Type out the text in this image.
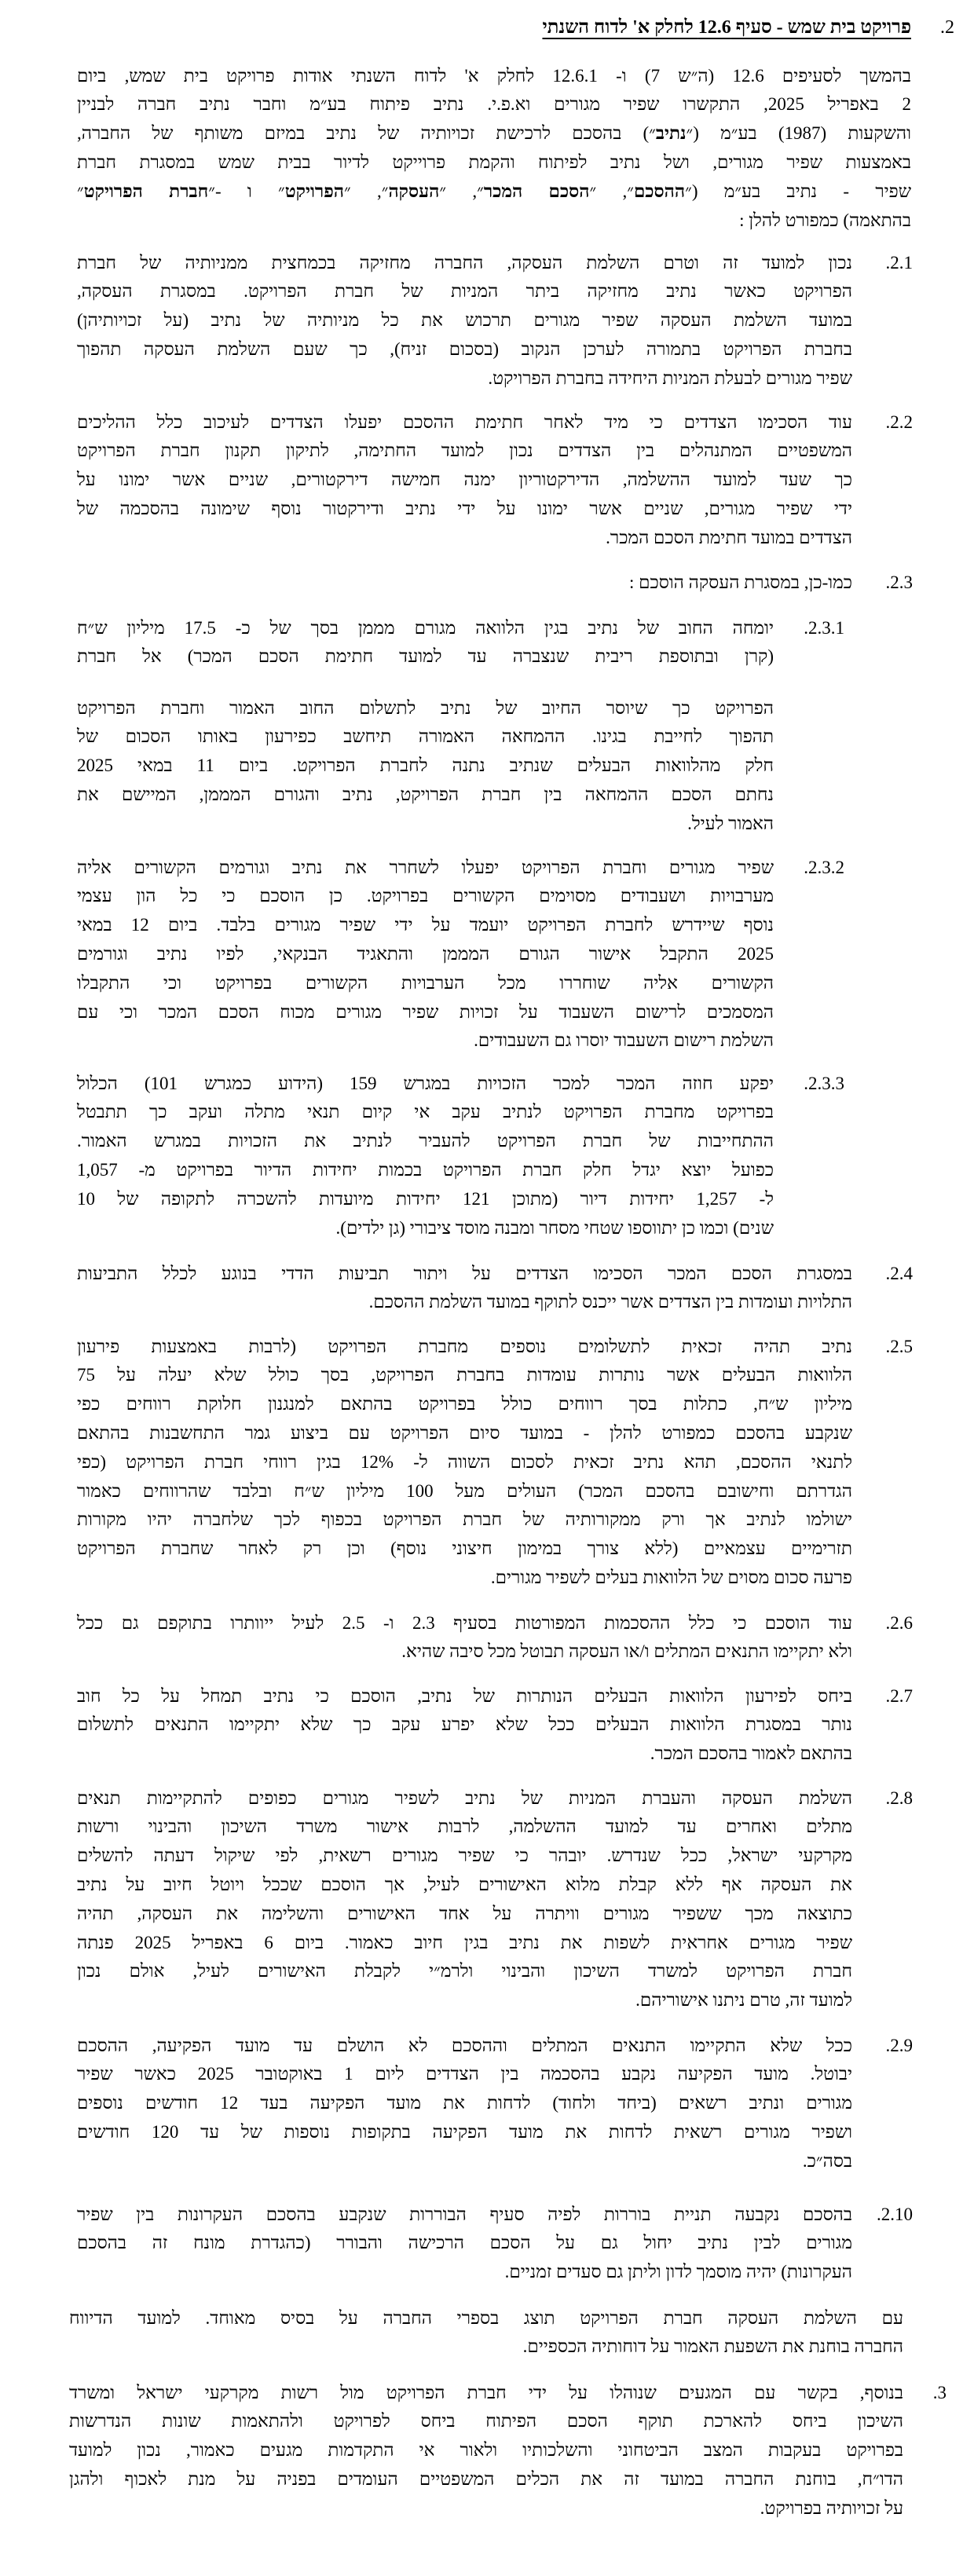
2.
פרויקט בית שמש - סעיף 12.6 לחלק א' לדוח השנתי
בהמשך לסעיפים 12.6 (ה״ש 7) ו- 12.6.1 לחלק א' לדוח השנתי אודות פרויקט בית שמש, ביום
2 באפריל 2025, התקשרו שפיר מגורים וא.פ.י. נתיב פיתוח בע״מ וחבר נתיב חברה לבניין
והשקעות (1987) בע״מ (״נתיב״) בהסכם לרכישת זכויותיה של נתיב במיזם משותף של החברה,
באמצעות שפיר מגורים, ושל נתיב לפיתוח והקמת פרוייקט לדיור בבית שמש במסגרת חברת
שפיר - נתיב בע״מ (״ההסכם״, ״הסכם המכר״, ״העסקה״, ״הפרויקט״ ו -״חברת הפרויקט״
בהתאמה) כמפורט להלן :
נכון למועד זה וטרם השלמת העסקה, החברה מחזיקה בכמחצית ממניותיה של חברת
הפרויקט כאשר נתיב מחזיקה ביתר המניות של חברת הפרויקט. במסגרת העסקה,
במועד השלמת העסקה שפיר מגורים תרכוש את כל מניותיה של נתיב (על זכויותיהן)
בחברת הפרויקט בתמורה לערכן הנקוב (בסכום זניח), כך שעם השלמת העסקה תהפוך
שפיר מגורים לבעלת המניות היחידה בחברת הפרויקט.
עוד הסכימו הצדדים כי מיד לאחר חתימת ההסכם יפעלו הצדדים לעיכוב כלל ההליכים
המשפטיים המתנהלים בין הצדדים נכון למועד החתימה, לתיקון תקנון חברת הפרויקט
כך שעד למועד ההשלמה, הדירקטוריון ימנה חמישה דירקטורים, שניים אשר ימונו על
ידי שפיר מגורים, שניים אשר ימונו על ידי נתיב ודירקטור נוסף שימונה בהסכמה של
הצדדים במועד חתימת הסכם המכר.
כמו-כן, במסגרת העסקה הוסכם :
יומחה החוב של נתיב בגין הלוואה מגורם מממן בסך של כ- 17.5 מיליון ש״ח
(קרן ובתוספת ריבית שנצברה עד למועד חתימת הסכם המכר) אל חברת
הפרויקט כך שיוסר החיוב של נתיב לתשלום החוב האמור וחברת הפרויקט
תהפוך לחייבת בגינו. ההמחאה האמורה תיחשב כפירעון באותו הסכום של
חלק מהלוואות הבעלים שנתיב נתנה לחברת הפרויקט. ביום 11 במאי 2025
נחתם הסכם ההמחאה בין חברת הפרויקט, נתיב והגורם המממן, המיישם את
האמור לעיל.
שפיר מגורים וחברת הפרויקט יפעלו לשחרר את נתיב וגורמים הקשורים אליה
מערבויות ושעבודים מסוימים הקשורים בפרויקט. כן הוסכם כי כל הון עצמי
נוסף שיידרש לחברת הפרויקט יועמד על ידי שפיר מגורים בלבד. ביום 12 במאי
2025 התקבל אישור הגורם המממן והתאגיד הבנקאי, לפיו נתיב וגורמים
הקשורים אליה שוחררו מכל הערבויות הקשורים בפרויקט וכי התקבלו
המסמכים לרישום השעבוד על זכויות שפיר מגורים מכוח הסכם המכר וכי עם
השלמת רישום השעבוד יוסרו גם השעבודים.
יפקע חוזה המכר למכר הזכויות במגרש 159 (הידוע כמגרש 101) הכלול
בפרויקט מחברת הפרויקט לנתיב עקב אי קיום תנאי מתלה ועקב כך תתבטל
ההתחייבות של חברת הפרויקט להעביר לנתיב את הזכויות במגרש האמור.
כפועל יוצא יגדל חלק חברת הפרויקט בכמות יחידות הדיור בפרויקט מ- 1,057
ל- 1,257 יחידות דיור (מתוכן 121 יחידות מיועדות להשכרה לתקופה של 10
שנים) וכמו כן יתווספו שטחי מסחר ומבנה מוסד ציבורי (גן ילדים).
במסגרת הסכם המכר הסכימו הצדדים על ויתור תביעות הדדי בנוגע לכלל התביעות
התלויות ועומדות בין הצדדים אשר ייכנס לתוקף במועד השלמת ההסכם.
נתיב תהיה זכאית לתשלומים נוספים מחברת הפרויקט (לרבות באמצעות פירעון
הלוואות הבעלים אשר נותרות עומדות בחברת הפרויקט, בסך כולל שלא יעלה על 75
מיליון ש״ח, כתלות בסך רווחים כולל בפרויקט בהתאם למנגנון חלוקת רווחים כפי
שנקבע בהסכם כמפורט להלן - במועד סיום הפרויקט עם ביצוע גמר התחשבנות בהתאם
לתנאי ההסכם, תהא נתיב זכאית לסכום השווה ל- 12% בגין רווחי חברת הפרויקט (כפי
הגדרתם וחישובם בהסכם המכר) העולים מעל 100 מיליון ש״ח ובלבד שהרווחים כאמור
ישולמו לנתיב אך ורק ממקורותיה של חברת הפרויקט בכפוף לכך שלחברה יהיו מקורות
תזרימיים עצמאיים (ללא צורך במימון חיצוני נוסף) וכן רק לאחר שחברת הפרויקט
פרעה סכום מסוים של הלוואות בעלים לשפיר מגורים.
עוד הוסכם כי כלל ההסכמות המפורטות בסעיף 2.3 ו- 2.5 לעיל ייוותרו בתוקפם גם ככל
ולא יתקיימו התנאים המתלים ו/או העסקה תבוטל מכל סיבה שהיא.
ביחס לפירעון הלוואות הבעלים הנותרות של נתיב, הוסכם כי נתיב תמחל על כל חוב
נותר במסגרת הלוואות הבעלים ככל שלא יפרע עקב כך שלא יתקיימו התנאים לתשלום
בהתאם לאמור בהסכם המכר.
השלמת העסקה והעברת המניות של נתיב לשפיר מגורים כפופים להתקיימות תנאים
מתלים ואחרים עד למועד ההשלמה, לרבות אישור משרד השיכון והבינוי ורשות
מקרקעי ישראל, ככל שנדרש. יובהר כי שפיר מגורים רשאית, לפי שיקול דעתה להשלים
את העסקה אף ללא קבלת מלוא האישורים לעיל, אך הוסכם שככל ויוטל חיוב על נתיב
כתוצאה מכך ששפיר מגורים וויתרה על אחד האישורים והשלימה את העסקה, תהיה
שפיר מגורים אחראית לשפות את נתיב בגין חיוב כאמור. ביום 6 באפריל 2025 פנתה
חברת הפרויקט למשרד השיכון והבינוי ולרמ״י לקבלת האישורים לעיל, אולם נכון
למועד זה, טרם ניתנו אישוריהם.
ככל שלא התקיימו התנאים המתלים וההסכם לא הושלם עד מועד הפקיעה, ההסכם
יבוטל. מועד הפקיעה נקבע בהסכמה בין הצדדים ליום 1 באוקטובר 2025 כאשר שפיר
מגורים ונתיב רשאים (ביחד ולחוד) לדחות את מועד הפקיעה בעד 12 חודשים נוספים
ושפיר מגורים רשאית לדחות את מועד הפקיעה בתקופות נוספות של עד 120 חודשים
בסה״כ.
בהסכם נקבעה תניית בוררות לפיה סעיף הבוררות שנקבע בהסכם העקרונות בין שפיר
מגורים לבין נתיב יחול גם על הסכם הרכישה והבורר (כהגדרת מונח זה בהסכם
העקרונות) יהיה מוסמך לדון וליתן גם סעדים זמניים.
עם השלמת העסקה חברת הפרויקט תוצג בספרי החברה על בסיס מאוחד. למועד הדיווח
החברה בוחנת את השפעת האמור על דוחותיה הכספיים.
בנוסף, בקשר עם המגעים שנוהלו על ידי חברת הפרויקט מול רשות מקרקעי ישראל ומשרד
השיכון ביחס להארכת תוקף הסכם הפיתוח ביחס לפרויקט ולהתאמות שונות הנדרשות
בפרויקט בעקבות המצב הביטחוני והשלכותיו ולאור אי התקדמות מגעים כאמור, נכון למועד
הדו״ח, בוחנת החברה במועד זה את הכלים המשפטיים העומדים בפניה על מנת לאכוף ולהגן
על זכויותיה בפרויקט.
2.1.
2.2.
2.3.
2.3.1.
2.3.2.
2.3.3.
2.4.
2.5.
2.6.
2.7.
2.8.
2.9.
2.10.
3.
